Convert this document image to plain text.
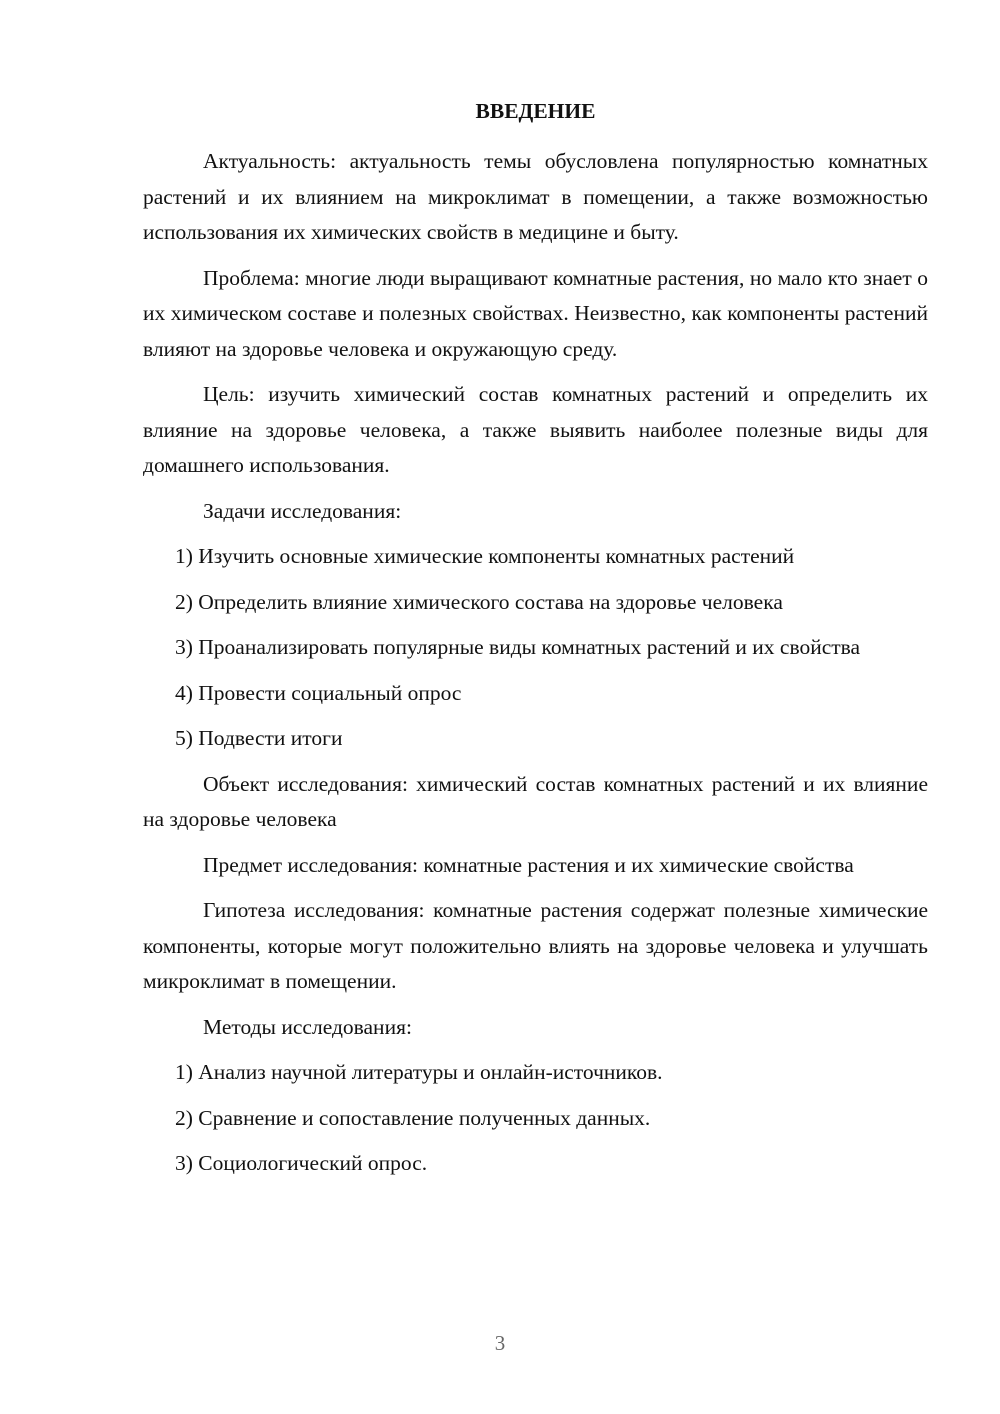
ВВЕДЕНИЕ

Актуальность: актуальность темы обусловлена популярностью комнатных растений и их влиянием на микроклимат в помещении, а также возможностью использования их химических свойств в медицине и быту.

Проблема: многие люди выращивают комнатные растения, но мало кто знает о их химическом составе и полезных свойствах. Неизвестно, как компоненты растений влияют на здоровье человека и окружающую среду.

Цель: изучить химический состав комнатных растений и определить их влияние на здоровье человека, а также выявить наиболее полезные виды для домашнего использования.

Задачи исследования:

1) Изучить основные химические компоненты комнатных растений

2) Определить влияние химического состава на здоровье человека

3) Проанализировать популярные виды комнатных растений и их свойства

4) Провести социальный опрос

5) Подвести итоги

Объект исследования: химический состав комнатных растений и их влияние на здоровье человека

Предмет исследования: комнатные растения и их химические свойства

Гипотеза исследования: комнатные растения содержат полезные химические компоненты, которые могут положительно влиять на здоровье человека и улучшать микроклимат в помещении.

Методы исследования:

1) Анализ научной литературы и онлайн-источников.

2) Сравнение и сопоставление полученных данных.

3) Социологический опрос.

3
